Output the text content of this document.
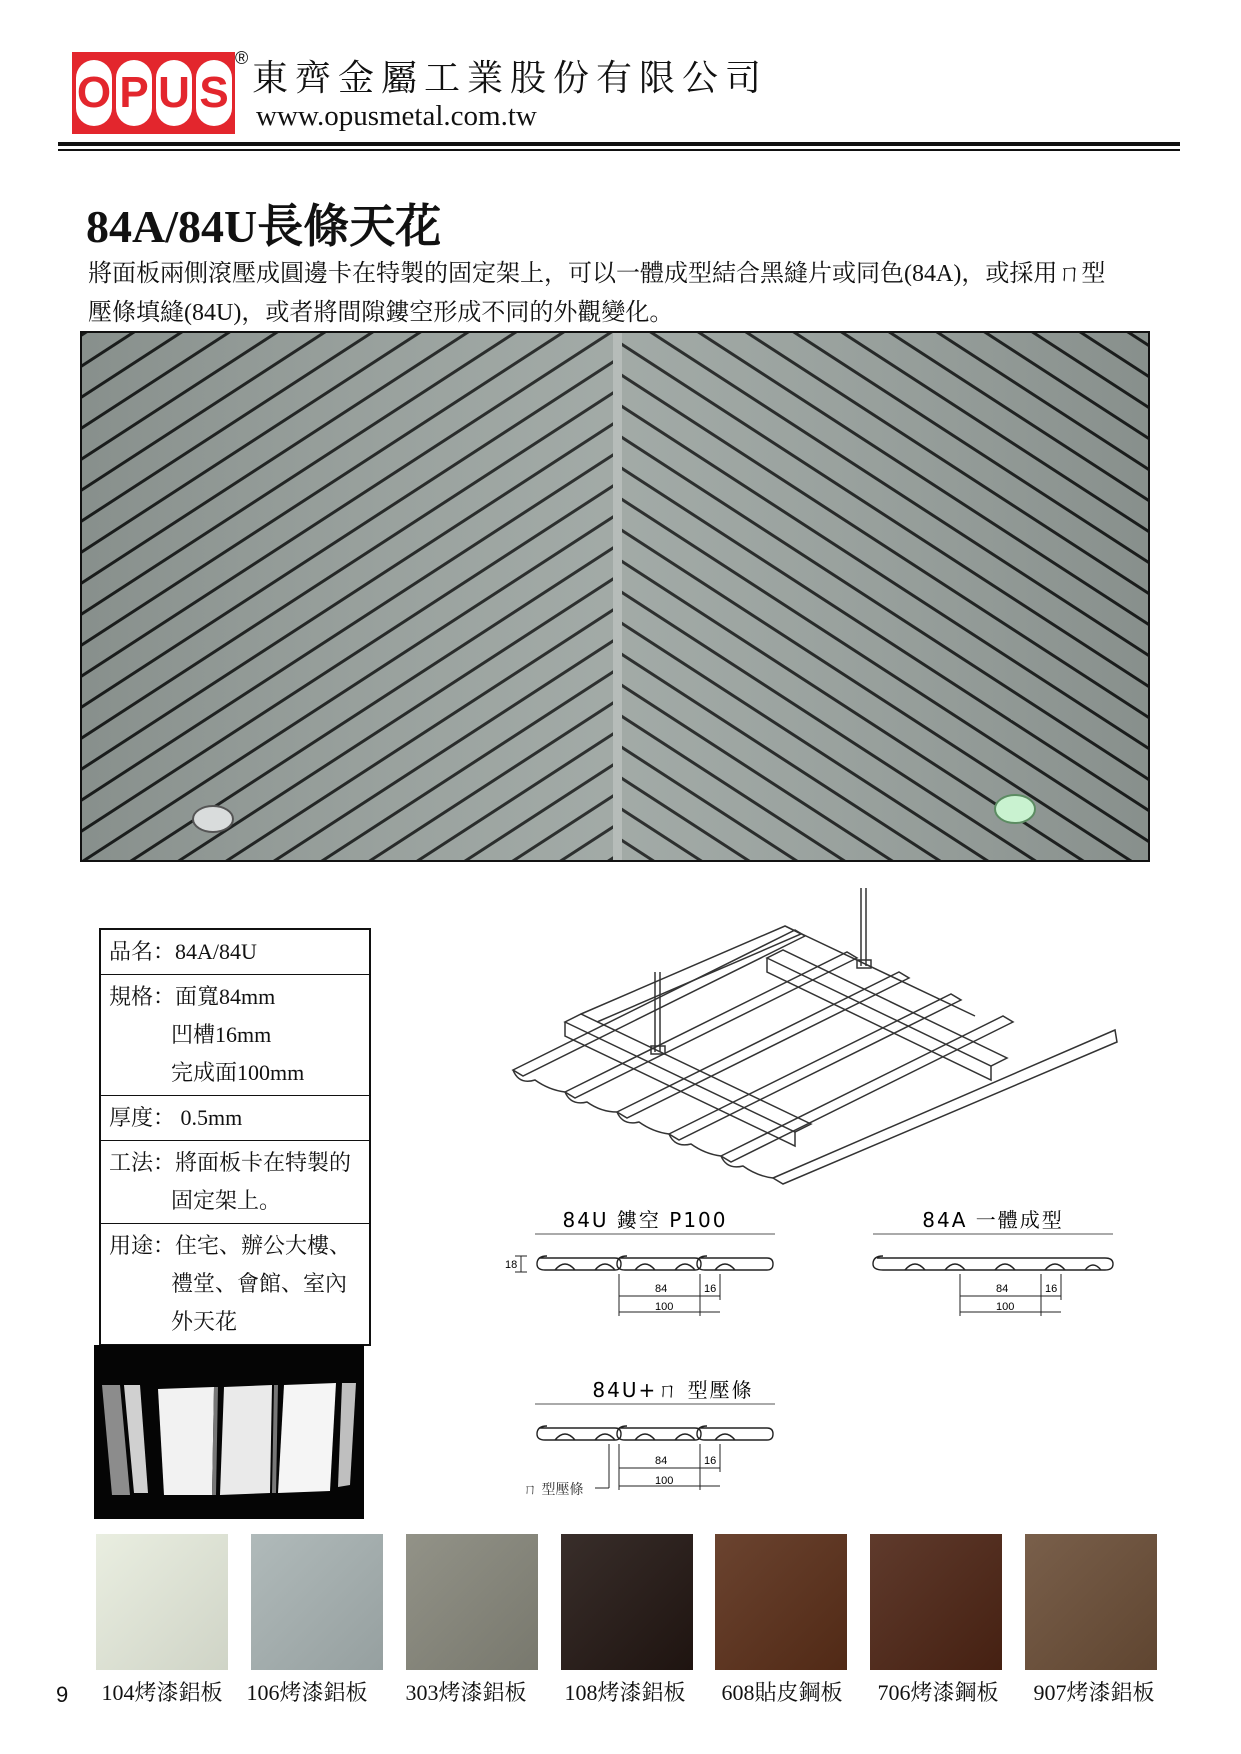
O P U S
® 東齊金屬工業股份有限公司
www.opusmetal.com.tw
84A/84U長條天花
將面板兩側滾壓成圓邊卡在特製的固定架上，可以一體成型結合黑縫片或同色(84A)，或採用ㄇ型
壓條填縫(84U)，或者將間隙鏤空形成不同的外觀變化。
品名：84A/84U

規格：面寬84mm
凹槽16mm
完成面100mm

厚度： 0.5mm

工法：將面板卡在特製的
固定架上。

用途：住宅、辦公大樓、
禮堂、會館、室內
外天花
84U 鏤空 P100
18
84	16
100
84A 一體成型
84	16
100
84U+ㄇ 型壓條
84	16
100
ㄇ 型壓條
104烤漆鋁板	106烤漆鋁板	303烤漆鋁板	108烤漆鋁板	608貼皮鋼板	706烤漆鋼板	907烤漆鋁板
9
